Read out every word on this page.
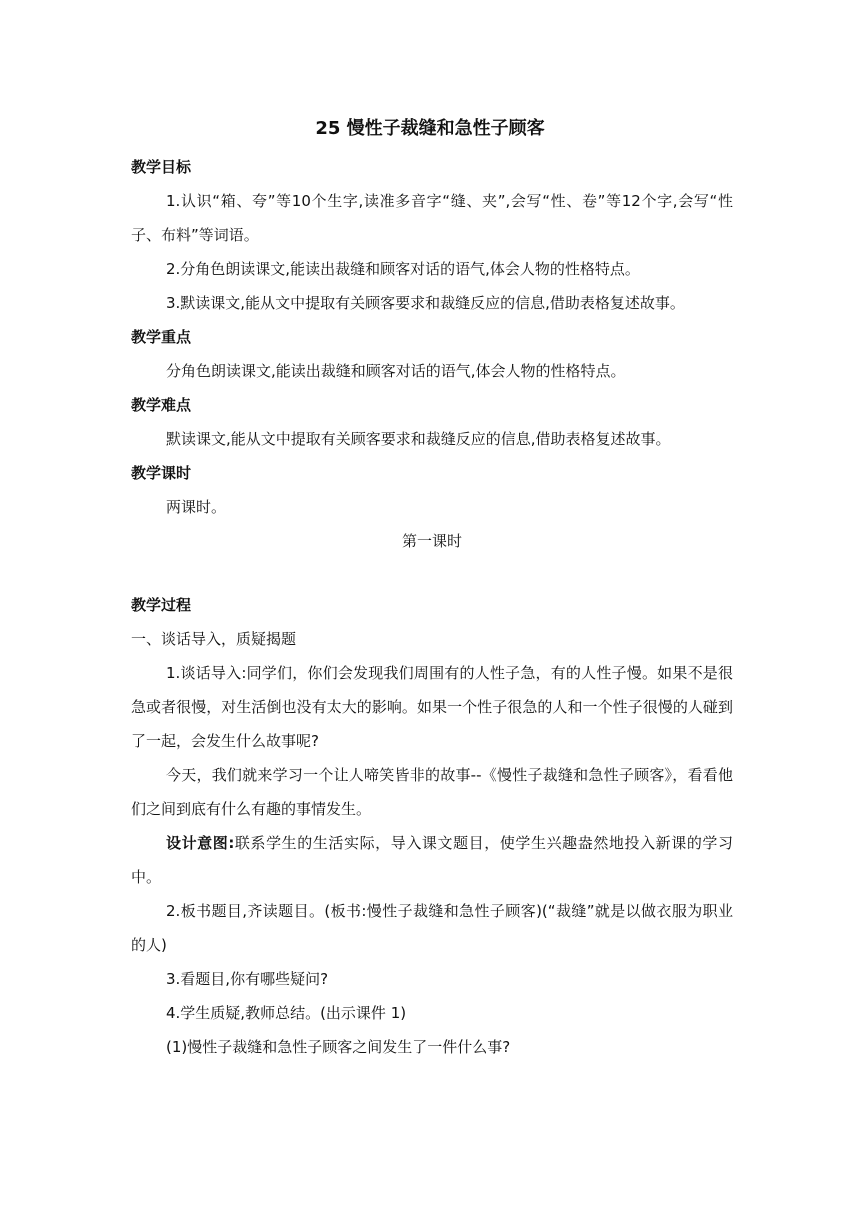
25 慢性子裁缝和急性子顾客

教学目标

1.认识“箱、夸”等10个生字,读准多音字“缝、夹”,会写“性、卷”等12个字,会写“性子、布料”等词语。

2.分角色朗读课文,能读出裁缝和顾客对话的语气,体会人物的性格特点。

3.默读课文,能从文中提取有关顾客要求和裁缝反应的信息,借助表格复述故事。

教学重点

分角色朗读课文,能读出裁缝和顾客对话的语气,体会人物的性格特点。

教学难点

默读课文,能从文中提取有关顾客要求和裁缝反应的信息,借助表格复述故事。

教学课时

两课时。

第一课时

教学过程

一、谈话导入，质疑揭题

1.谈话导入:同学们，你们会发现我们周围有的人性子急，有的人性子慢。如果不是很急或者很慢，对生活倒也没有太大的影响。如果一个性子很急的人和一个性子很慢的人碰到了一起，会发生什么故事呢?

今天，我们就来学习一个让人啼笑皆非的故事--《慢性子裁缝和急性子顾客》，看看他们之间到底有什么有趣的事情发生。

设计意图:联系学生的生活实际，导入课文题目，使学生兴趣盎然地投入新课的学习中。

2.板书题目,齐读题目。(板书:慢性子裁缝和急性子顾客)(“裁缝”就是以做衣服为职业的人)

3.看题目,你有哪些疑问?

4.学生质疑,教师总结。(出示课件 1)

(1)慢性子裁缝和急性子顾客之间发生了一件什么事?
